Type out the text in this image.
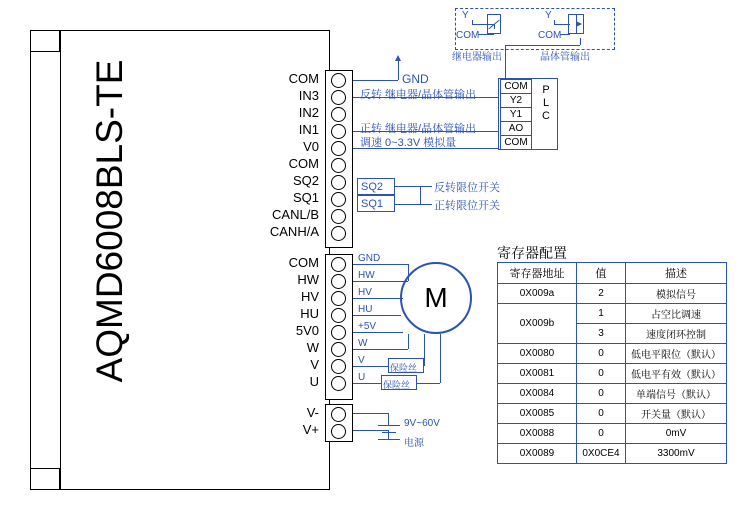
AQMD6008BLS-TE	COM
IN3
IN2
IN1
V0
COM
SQ2
SQ1
CANL/B
CANH/A
COM
HW
HV
HU
5V0
W
V
U
V-
V+
GND
反转 继电器/晶体管输出
正转 继电器/晶体管输出
调速 0~3.3V 模拟量
P
L
C
COM
Y2
Y1
AO
COM
Y
COM
Y
COM
继电器输出	晶体管输出
SQ2
SQ1
反转限位开关
正转限位开关
GND
HW
HV
HU
+5V
W
V
U
保险丝
保险丝
M
9V~60V
电源
寄存器配置
寄存器地址	值	描述
0X009a	2	模拟信号
0X009b	1	占空比调速
	3	速度闭环控制
0X0080	0	低电平限位（默认）
0X0081	0	低电平有效（默认）
0X0084	0	单端信号（默认）
0X0085	0	开关量（默认）
0X0088	0	0mV
0X0089	0X0CE4	3300mV
